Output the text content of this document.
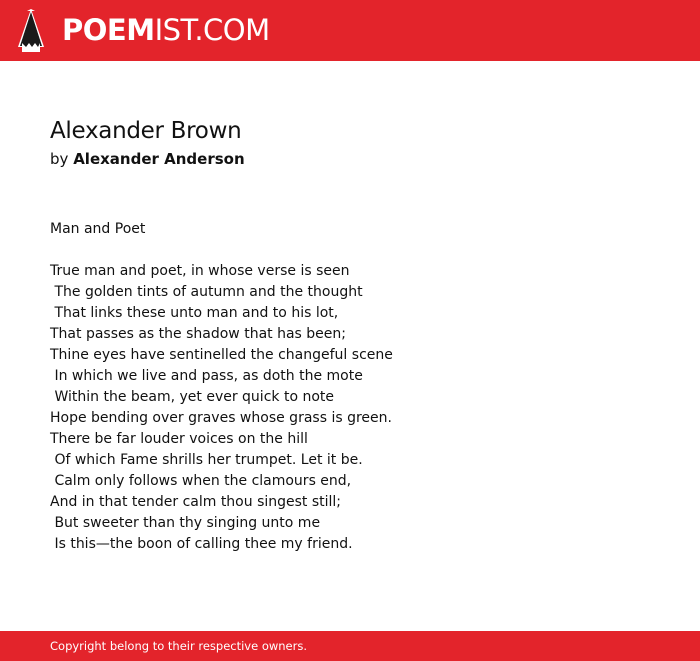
POEMIST.COM
Alexander Brown
by Alexander Anderson
Man and Poet
True man and poet, in whose verse is seen
The golden tints of autumn and the thought
That links these unto man and to his lot,
That passes as the shadow that has been;
Thine eyes have sentinelled the changeful scene
In which we live and pass, as doth the mote
Within the beam, yet ever quick to note
Hope bending over graves whose grass is green.
There be far louder voices on the hill
Of which Fame shrills her trumpet. Let it be.
Calm only follows when the clamours end,
And in that tender calm thou singest still;
But sweeter than thy singing unto me
Is this—the boon of calling thee my friend.
Copyright belong to their respective owners.
